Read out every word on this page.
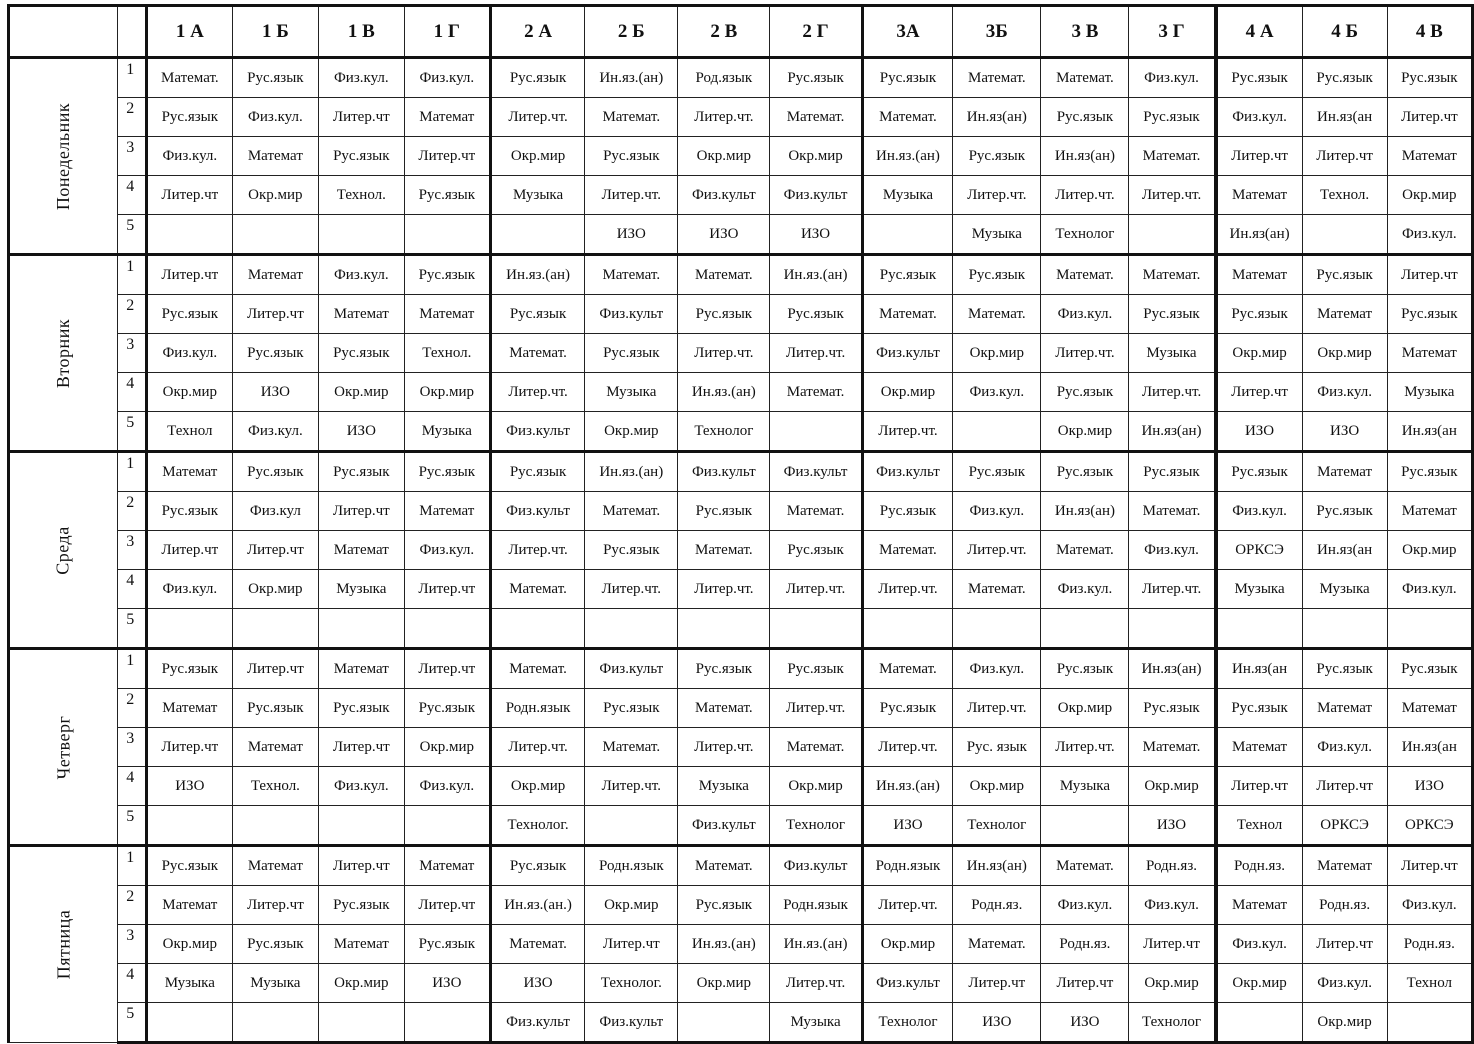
		1 А	1 Б	1 В	1 Г	2 А	2 Б	2 В	2 Г	3А	3Б	3 В	3 Г	4 А	4 Б	4 В
Понедельник	1	Математ.	Рус.язык	Физ.кул.	Физ.кул.	Рус.язык	Ин.яз.(ан)	Род.язык	Рус.язык	Рус.язык	Математ.	Математ.	Физ.кул.	Рус.язык	Рус.язык	Рус.язык
	2	Рус.язык	Физ.кул.	Литер.чт	Математ	Литер.чт.	Математ.	Литер.чт.	Математ.	Математ.	Ин.яз(ан)	Рус.язык	Рус.язык	Физ.кул.	Ин.яз(ан	Литер.чт
	3	Физ.кул.	Математ	Рус.язык	Литер.чт	Окр.мир	Рус.язык	Окр.мир	Окр.мир	Ин.яз.(ан)	Рус.язык	Ин.яз(ан)	Математ.	Литер.чт	Литер.чт	Математ
	4	Литер.чт	Окр.мир	Технол.	Рус.язык	Музыка	Литер.чт.	Физ.культ	Физ.культ	Музыка	Литер.чт.	Литер.чт.	Литер.чт.	Математ	Технол.	Окр.мир
	5						ИЗО	ИЗО	ИЗО		Музыка	Технолог		Ин.яз(ан)		Физ.кул.
Вторник	1	Литер.чт	Математ	Физ.кул.	Рус.язык	Ин.яз.(ан)	Математ.	Математ.	Ин.яз.(ан)	Рус.язык	Рус.язык	Математ.	Математ.	Математ	Рус.язык	Литер.чт
	2	Рус.язык	Литер.чт	Математ	Математ	Рус.язык	Физ.культ	Рус.язык	Рус.язык	Математ.	Математ.	Физ.кул.	Рус.язык	Рус.язык	Математ	Рус.язык
	3	Физ.кул.	Рус.язык	Рус.язык	Технол.	Математ.	Рус.язык	Литер.чт.	Литер.чт.	Физ.культ	Окр.мир	Литер.чт.	Музыка	Окр.мир	Окр.мир	Математ
	4	Окр.мир	ИЗО	Окр.мир	Окр.мир	Литер.чт.	Музыка	Ин.яз.(ан)	Математ.	Окр.мир	Физ.кул.	Рус.язык	Литер.чт.	Литер.чт	Физ.кул.	Музыка
	5	Технол	Физ.кул.	ИЗО	Музыка	Физ.культ	Окр.мир	Технолог		Литер.чт.		Окр.мир	Ин.яз(ан)	ИЗО	ИЗО	Ин.яз(ан
Среда	1	Математ	Рус.язык	Рус.язык	Рус.язык	Рус.язык	Ин.яз.(ан)	Физ.культ	Физ.культ	Физ.культ	Рус.язык	Рус.язык	Рус.язык	Рус.язык	Математ	Рус.язык
	2	Рус.язык	Физ.кул	Литер.чт	Математ	Физ.культ	Математ.	Рус.язык	Математ.	Рус.язык	Физ.кул.	Ин.яз(ан)	Математ.	Физ.кул.	Рус.язык	Математ
	3	Литер.чт	Литер.чт	Математ	Физ.кул.	Литер.чт.	Рус.язык	Математ.	Рус.язык	Математ.	Литер.чт.	Математ.	Физ.кул.	ОРКСЭ	Ин.яз(ан	Окр.мир
	4	Физ.кул.	Окр.мир	Музыка	Литер.чт	Математ.	Литер.чт.	Литер.чт.	Литер.чт.	Литер.чт.	Математ.	Физ.кул.	Литер.чт.	Музыка	Музыка	Физ.кул.
	5															
Четверг	1	Рус.язык	Литер.чт	Математ	Литер.чт	Математ.	Физ.культ	Рус.язык	Рус.язык	Математ.	Физ.кул.	Рус.язык	Ин.яз(ан)	Ин.яз(ан	Рус.язык	Рус.язык
	2	Математ	Рус.язык	Рус.язык	Рус.язык	Родн.язык	Рус.язык	Математ.	Литер.чт.	Рус.язык	Литер.чт.	Окр.мир	Рус.язык	Рус.язык	Математ	Математ
	3	Литер.чт	Математ	Литер.чт	Окр.мир	Литер.чт.	Математ.	Литер.чт.	Математ.	Литер.чт.	Рус. язык	Литер.чт.	Математ.	Математ	Физ.кул.	Ин.яз(ан
	4	ИЗО	Технол.	Физ.кул.	Физ.кул.	Окр.мир	Литер.чт.	Музыка	Окр.мир	Ин.яз.(ан)	Окр.мир	Музыка	Окр.мир	Литер.чт	Литер.чт	ИЗО
	5					Технолог.		Физ.культ	Технолог	ИЗО	Технолог		ИЗО	Технол	ОРКСЭ	ОРКСЭ
Пятница	1	Рус.язык	Математ	Литер.чт	Математ	Рус.язык	Родн.язык	Математ.	Физ.культ	Родн.язык	Ин.яз(ан)	Математ.	Родн.яз.	Родн.яз.	Математ	Литер.чт
	2	Математ	Литер.чт	Рус.язык	Литер.чт	Ин.яз.(ан.)	Окр.мир	Рус.язык	Родн.язык	Литер.чт.	Родн.яз.	Физ.кул.	Физ.кул.	Математ	Родн.яз.	Физ.кул.
	3	Окр.мир	Рус.язык	Математ	Рус.язык	Математ.	Литер.чт	Ин.яз.(ан)	Ин.яз.(ан)	Окр.мир	Математ.	Родн.яз.	Литер.чт	Физ.кул.	Литер.чт	Родн.яз.
	4	Музыка	Музыка	Окр.мир	ИЗО	ИЗО	Технолог.	Окр.мир	Литер.чт.	Физ.культ	Литер.чт	Литер.чт	Окр.мир	Окр.мир	Физ.кул.	Технол
	5					Физ.культ	Физ.культ		Музыка	Технолог	ИЗО	ИЗО	Технолог		Окр.мир	
